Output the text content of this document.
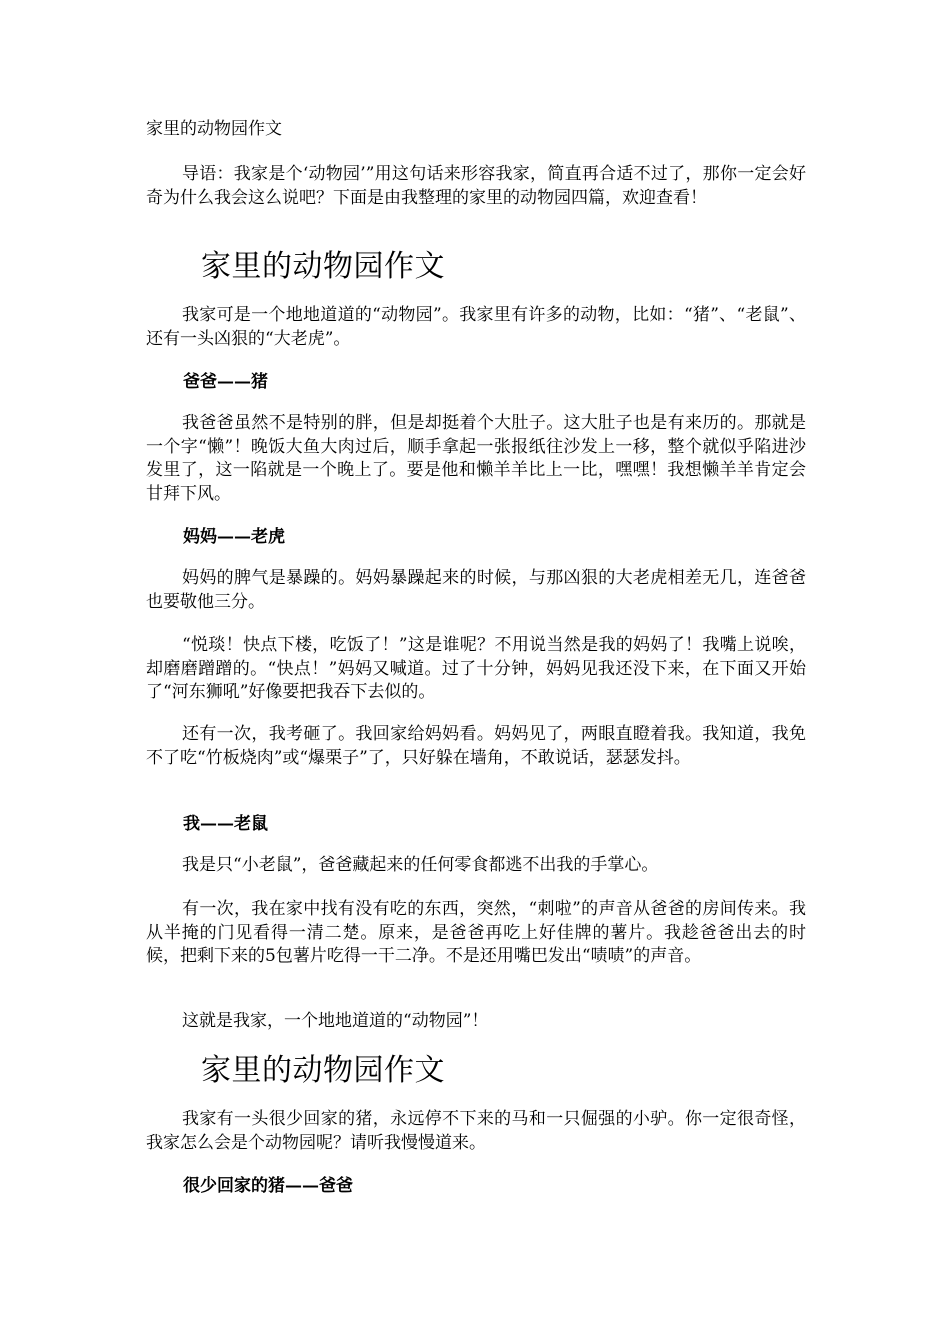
家里的动物园作文
导语：我家是个‘动物园’”用这句话来形容我家，简直再合适不过了，那你一定会好奇为什么我会这么说吧？下面是由我整理的家里的动物园四篇，欢迎查看！
家里的动物园作文
我家可是一个地地道道的“动物园”。我家里有许多的动物，比如：“猪”、“老鼠”、还有一头凶狠的“大老虎”。
爸爸——猪
我爸爸虽然不是特别的胖，但是却挺着个大肚子。这大肚子也是有来历的。那就是一个字“懒”！晚饭大鱼大肉过后，顺手拿起一张报纸往沙发上一移，整个就似乎陷进沙发里了，这一陷就是一个晚上了。要是他和懒羊羊比上一比，嘿嘿！我想懒羊羊肯定会甘拜下风。
妈妈——老虎
妈妈的脾气是暴躁的。妈妈暴躁起来的时候，与那凶狠的大老虎相差无几，连爸爸也要敬他三分。
“悦琰！快点下楼，吃饭了！”这是谁呢？不用说当然是我的妈妈了！我嘴上说唉，却磨磨蹭蹭的。“快点！”妈妈又喊道。过了十分钟，妈妈见我还没下来，在下面又开始了“河东狮吼”好像要把我吞下去似的。
还有一次，我考砸了。我回家给妈妈看。妈妈见了，两眼直瞪着我。我知道，我免不了吃“竹板烧肉”或“爆栗子”了，只好躲在墙角，不敢说话，瑟瑟发抖。
我——老鼠
我是只“小老鼠”，爸爸藏起来的任何零食都逃不出我的手掌心。
有一次，我在家中找有没有吃的东西，突然，“刺啦”的声音从爸爸的房间传来。我从半掩的门见看得一清二楚。原来，是爸爸再吃上好佳牌的薯片。我趁爸爸出去的时候，把剩下来的5包薯片吃得一干二净。不是还用嘴巴发出“啧啧”的声音。
这就是我家，一个地地道道的“动物园”！
家里的动物园作文
我家有一头很少回家的猪，永远停不下来的马和一只倔强的小驴。你一定很奇怪，我家怎么会是个动物园呢？请听我慢慢道来。
很少回家的猪——爸爸
